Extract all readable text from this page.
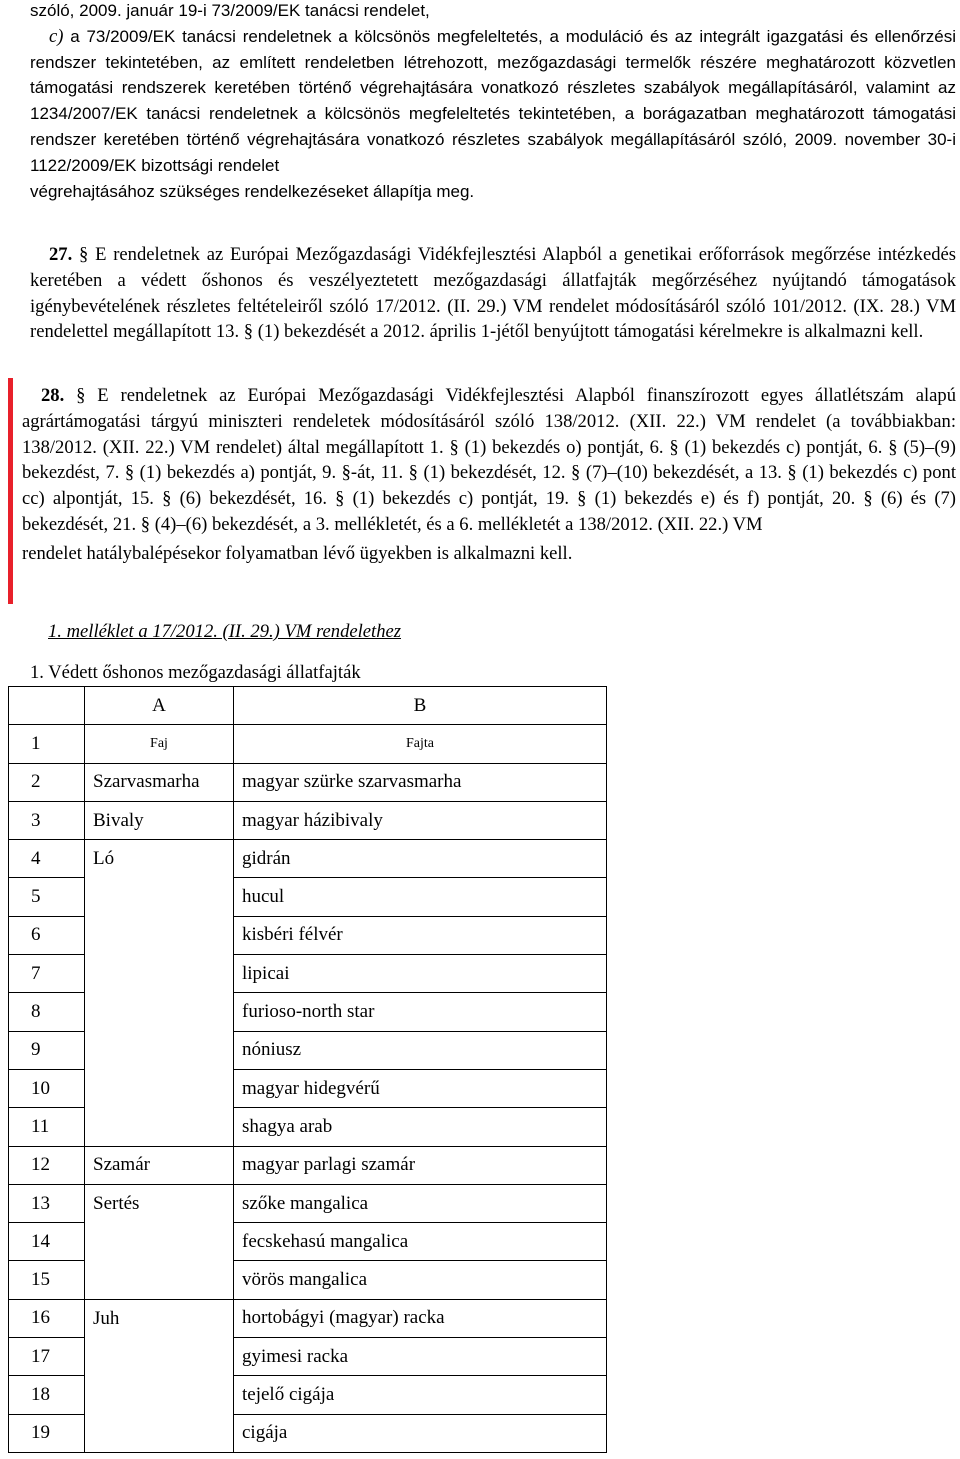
szóló, 2009. január 19-i 73/2009/EK tanácsi rendelet,
c) a 73/2009/EK tanácsi rendeletnek a kölcsönös megfeleltetés, a moduláció és az integrált igazgatási és ellenőrzési rendszer tekintetében, az említett rendeletben létrehozott, mezőgazdasági termelők részére meghatározott közvetlen támogatási rendszerek keretében történő végrehajtására vonatkozó részletes szabályok megállapításáról, valamint az 1234/2007/EK tanácsi rendeletnek a kölcsönös megfeleltetés tekintetében, a borágazatban meghatározott támogatási rendszer keretében történő végrehajtására vonatkozó részletes szabályok megállapításáról szóló, 2009. november 30-i 1122/2009/EK bizottsági rendelet
végrehajtásához szükséges rendelkezéseket állapítja meg.
27. § E rendeletnek az Európai Mezőgazdasági Vidékfejlesztési Alapból a genetikai erőforrások megőrzése intézkedés keretében a védett őshonos és veszélyeztetett mezőgazdasági állatfajták megőrzéséhez nyújtandó támogatások igénybevételének részletes feltételeiről szóló 17/2012. (II. 29.) VM rendelet módosításáról szóló 101/2012. (IX. 28.) VM rendelettel megállapított 13. § (1) bekezdését a 2012. április 1-jétől benyújtott támogatási kérelmekre is alkalmazni kell.
28. § E rendeletnek az Európai Mezőgazdasági Vidékfejlesztési Alapból finanszírozott egyes állatlétszám alapú agrártámogatási tárgyú miniszteri rendeletek módosításáról szóló 138/2012. (XII. 22.) VM rendelet (a továbbiakban: 138/2012. (XII. 22.) VM rendelet) által megállapított 1. § (1) bekezdés o) pontját, 6. § (1) bekezdés c) pontját, 6. § (5)–(9) bekezdést, 7. § (1) bekezdés a) pontját, 9. §-át, 11. § (1) bekezdését, 12. § (7)–(10) bekezdését, a 13. § (1) bekezdés c) pont cc) alpontját, 15. § (6) bekezdését, 16. § (1) bekezdés c) pontját, 19. § (1) bekezdés e) és f) pontját, 20. § (6) és (7) bekezdését, 21. § (4)–(6) bekezdését, a 3. mellékletét, és a 6. mellékletét a 138/2012. (XII. 22.) VM
rendelet hatálybalépésekor folyamatban lévő ügyekben is alkalmazni kell.
1. melléklet a 17/2012. (II. 29.) VM rendelethez
1. Védett őshonos mezőgazdasági állatfajták
	A	B
1	Faj	Fajta
2	Szarvasmarha	magyar szürke szarvasmarha
3	Bivaly	magyar házibivaly
4	Ló	gidrán
5		hucul
6		kisbéri félvér
7		lipicai
8		furioso-north star
9		nóniusz
10		magyar hidegvérű
11		shagya arab
12	Szamár	magyar parlagi szamár
13	Sertés	szőke mangalica
14		fecskehasú mangalica
15		vörös mangalica
16	Juh	hortobágyi (magyar) racka
17		gyimesi racka
18		tejelő cigája
19		cigája
